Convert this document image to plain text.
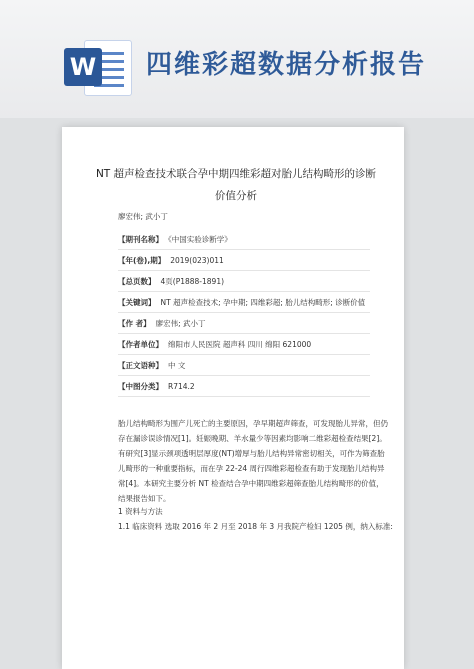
W 四维彩超数据分析报告
NT 超声检查技术联合孕中期四维彩超对胎儿结构畸形的诊断
价值分析
廖宏伟; 武小丁
【期刊名称】 《中国实验诊断学》
【年(卷),期】 2019(023)011
【总页数】 4页(P1888-1891)
【关键词】 NT 超声检查技术; 孕中期; 四维彩超; 胎儿结构畸形; 诊断价值
【作 者】 廖宏伟; 武小丁
【作者单位】 绵阳市人民医院 超声科 四川 绵阳 621000
【正文语种】 中 文
【中图分类】 R714.2
胎儿结构畸形为围产儿死亡的主要原因，孕早期超声筛查，可发现胎儿异常，但仍
存在漏诊误诊情况[1]。妊娠晚期、羊水量少等因素均影响二维彩超检查结果[2]。
有研究[3]显示颈项透明层厚度(NT)增厚与胎儿结构异常密切相关，可作为筛查胎
儿畸形的一种重要指标，而在孕 22-24 周行四维彩超检查有助于发现胎儿结构异
常[4]。本研究主要分析 NT 检查结合孕中期四维彩超筛查胎儿结构畸形的价值，
结果报告如下。
1 资料与方法
1.1 临床资料 选取 2016 年 2 月至 2018 年 3 月我院产检妇 1205 例，纳入标准:
